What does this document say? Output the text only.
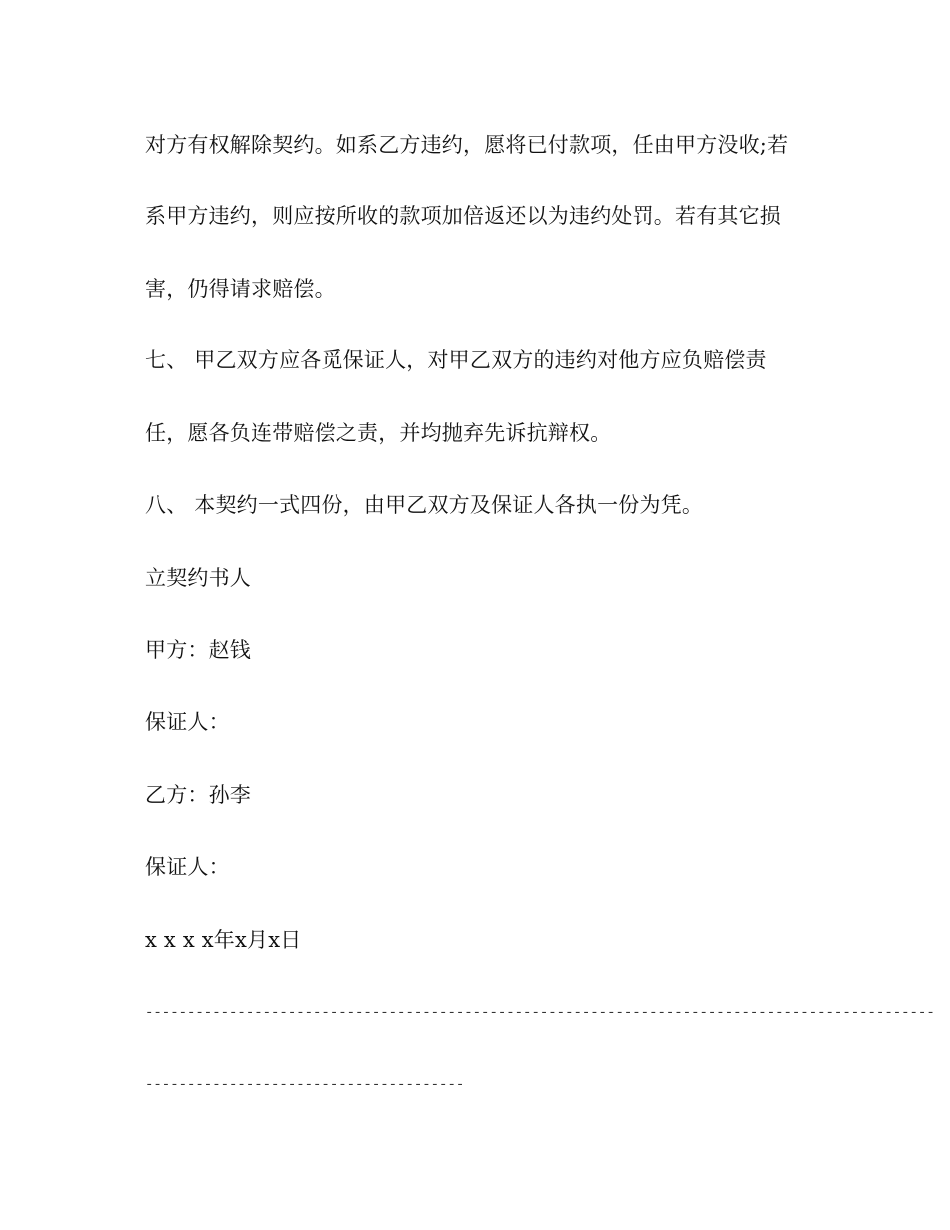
对方有权解除契约。如系乙方违约，愿将已付款项，任由甲方没收;若
系甲方违约，则应按所收的款项加倍返还以为违约处罚。若有其它损
害，仍得请求赔偿。
七、 甲乙双方应各觅保证人，对甲乙双方的违约对他方应负赔偿责
任，愿各负连带赔偿之责，并均抛弃先诉抗辩权。
八、 本契约一式四份，由甲乙双方及保证人各执一份为凭。
立契约书人
甲方：赵钱
保证人：
乙方：孙李
保证人：
x x x x年x月x日
----------------------------------------------------------------------------------------------
--------------------------------------
